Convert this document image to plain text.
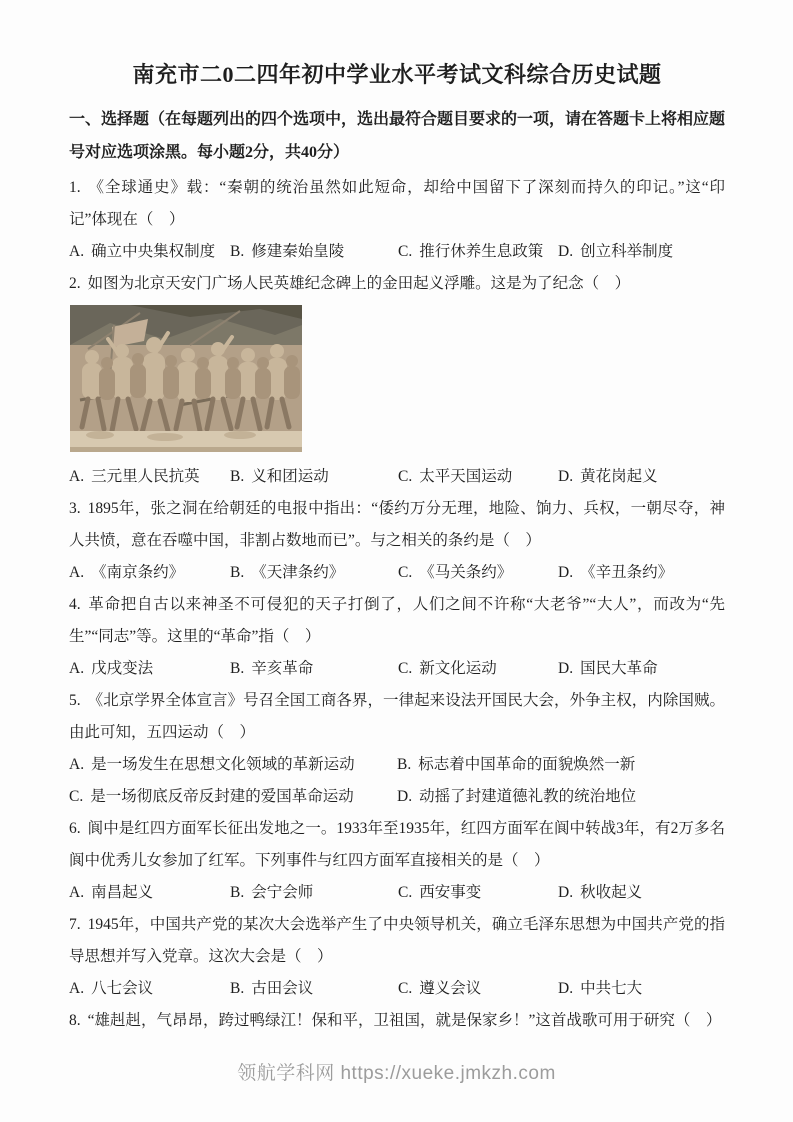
南充市二0二四年初中学业水平考试文科综合历史试题

一、选择题（在每题列出的四个选项中，选出最符合题目要求的一项，请在答题卡上将相应题号对应选项涂黑。每小题2分，共40分）

1. 《全球通史》载：“秦朝的统治虽然如此短命，却给中国留下了深刻而持久的印记。”这“印记”体现在（　）

A. 确立中央集权制度 B. 修建秦始皇陵	C. 推行休养生息政策 D. 创立科举制度

2. 如图为北京天安门广场人民英雄纪念碑上的金田起义浮雕。这是为了纪念（　）

A. 三元里人民抗英	B. 义和团运动	C. 太平天国运动	D. 黄花岗起义

3. 1895年，张之洞在给朝廷的电报中指出：“倭约万分无理，地险、饷力、兵权，一朝尽夺，神人共愤，意在吞噬中国，非割占数地而已”。与之相关的条约是（　）

A. 《南京条约》	B. 《天津条约》	C. 《马关条约》	D. 《辛丑条约》

4. 革命把自古以来神圣不可侵犯的天子打倒了，人们之间不许称“大老爷”“大人”，而改为“先生”“同志”等。这里的“革命”指（　）

A. 戊戌变法	B. 辛亥革命	C. 新文化运动	D. 国民大革命

5. 《北京学界全体宣言》号召全国工商各界，一律起来设法开国民大会，外争主权，内除国贼。由此可知，五四运动（　）

A. 是一场发生在思想文化领域的革新运动	B. 标志着中国革命的面貌焕然一新
C. 是一场彻底反帝反封建的爱国革命运动	D. 动摇了封建道德礼教的统治地位

6. 阆中是红四方面军长征出发地之一。1933年至1935年，红四方面军在阆中转战3年，有2万多名阆中优秀儿女参加了红军。下列事件与红四方面军直接相关的是（　）

A. 南昌起义	B. 会宁会师	C. 西安事变	D. 秋收起义

7. 1945年，中国共产党的某次大会选举产生了中央领导机关，确立毛泽东思想为中国共产党的指导思想并写入党章。这次大会是（　）

A. 八七会议	B. 古田会议	C. 遵义会议	D. 中共七大

8. “雄赳赳，气昂昂，跨过鸭绿江！保和平，卫祖国，就是保家乡！”这首战歌可用于研究（　）

领航学科网 https://xueke.jmkzh.com
